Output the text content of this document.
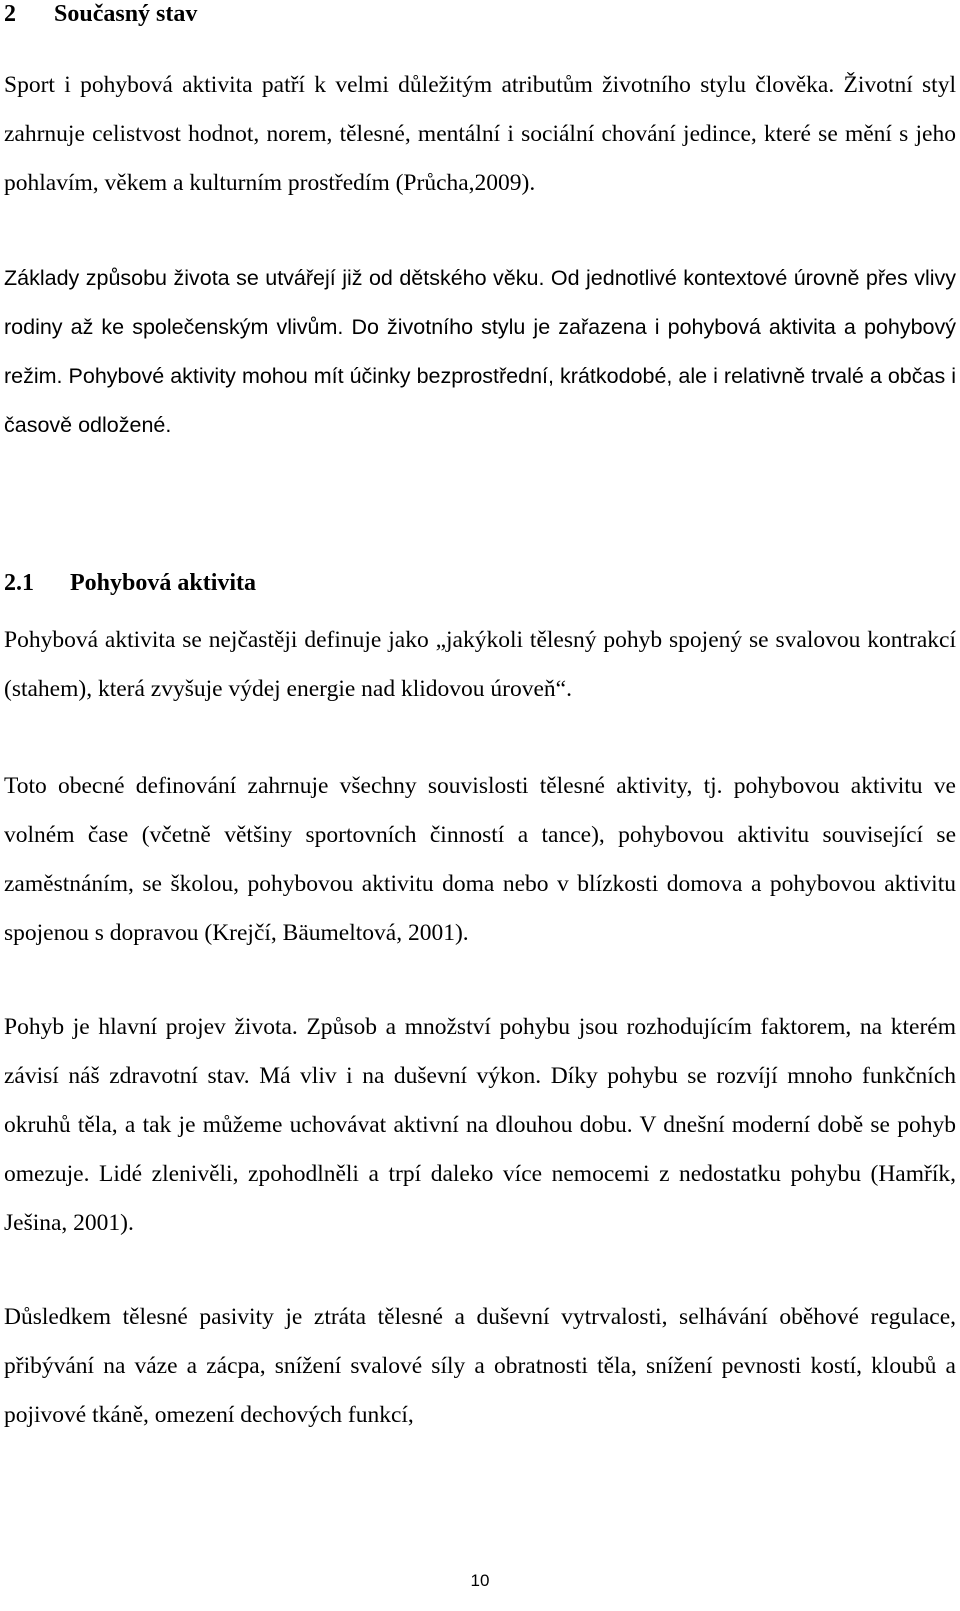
2 Současný stav

Sport i pohybová aktivita patří k velmi důležitým atributům životního stylu člověka. Životní styl zahrnuje celistvost hodnot, norem, tělesné, mentální i sociální chování jedince, které se mění s jeho pohlavím, věkem a kulturním prostředím (Průcha,2009).

Základy způsobu života se utvářejí již od dětského věku. Od jednotlivé kontextové úrovně přes vlivy rodiny až ke společenským vlivům. Do životního stylu je zařazena i pohybová aktivita a pohybový režim. Pohybové aktivity mohou mít účinky bezprostřední, krátkodobé, ale i relativně trvalé a občas i časově odložené.

2.1 Pohybová aktivita

Pohybová aktivita se nejčastěji definuje jako „jakýkoli tělesný pohyb spojený se svalovou kontrakcí (stahem), která zvyšuje výdej energie nad klidovou úroveň“.

Toto obecné definování zahrnuje všechny souvislosti tělesné aktivity, tj. pohybovou aktivitu ve volném čase (včetně většiny sportovních činností a tance), pohybovou aktivitu související se zaměstnáním, se školou, pohybovou aktivitu doma nebo v blízkosti domova a pohybovou aktivitu spojenou s dopravou (Krejčí, Bäumeltová, 2001).

Pohyb je hlavní projev života. Způsob a množství pohybu jsou rozhodujícím faktorem, na kterém závisí náš zdravotní stav. Má vliv i na duševní výkon. Díky pohybu se rozvíjí mnoho funkčních okruhů těla, a tak je můžeme uchovávat aktivní na dlouhou dobu. V dnešní moderní době se pohyb omezuje. Lidé zlenivěli, zpohodlněli a trpí daleko více nemocemi z nedostatku pohybu (Hamřík, Ješina, 2001).

Důsledkem tělesné pasivity je ztráta tělesné a duševní vytrvalosti, selhávání oběhové regulace, přibývání na váze a zácpa, snížení svalové síly a obratnosti těla, snížení pevnosti kostí, kloubů a pojivové tkáně, omezení dechových funkcí,

10
